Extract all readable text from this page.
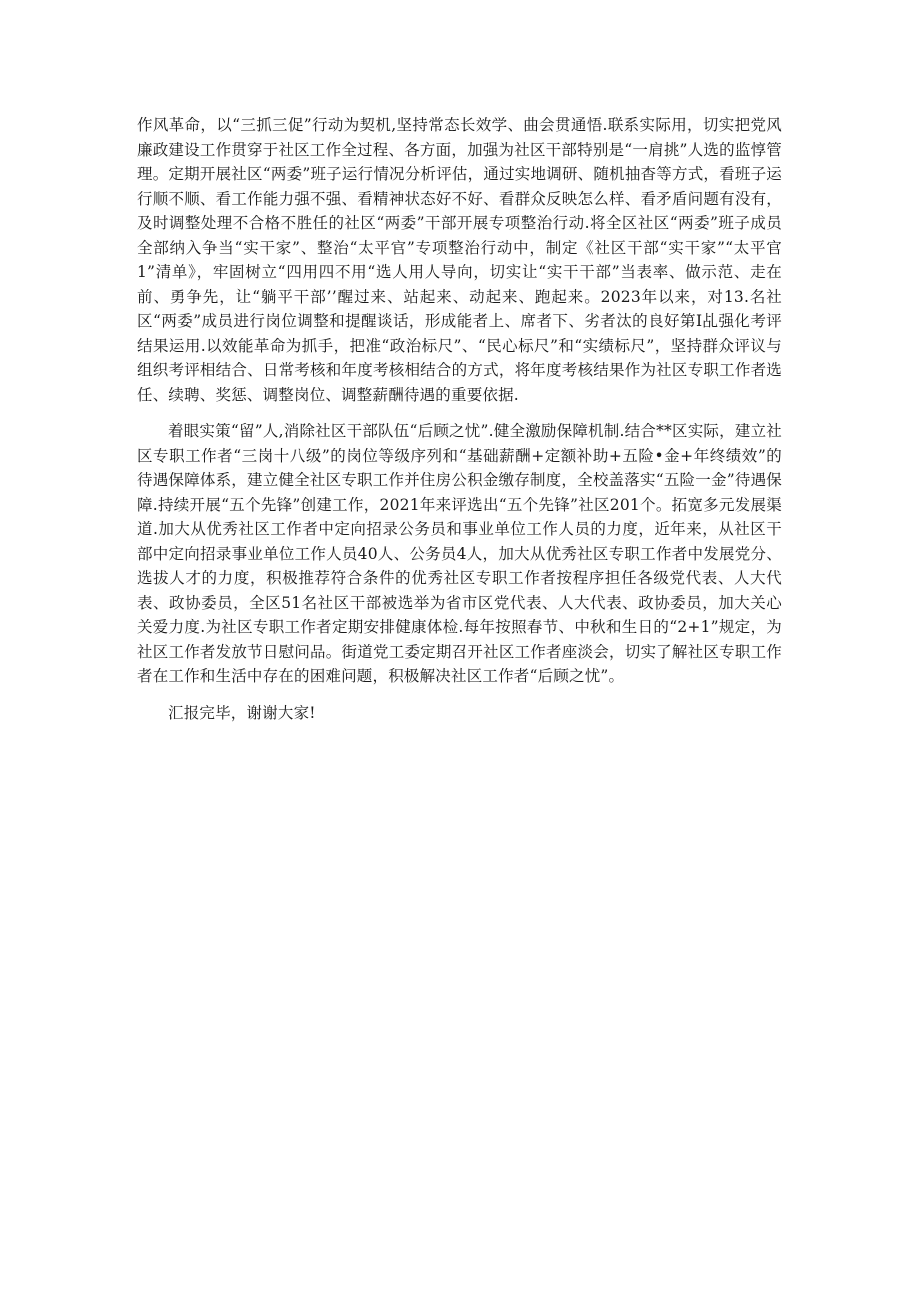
作风革命，以“三抓三促”行动为契机,坚持常态长效学、曲会贯通悟.联系实际用，切实把党风廉政建设工作贯穿于社区工作全过程、各方面，加强为社区干部特别是“一肩挑”人选的监惇管理。定期开展社区“两委”班子运行情况分析评估，通过实地调研、随机抽杳等方式，看班子运行顺不顺、看工作能力强不强、看精神状态好不好、看群众反映怎么样、看矛盾问题有没有，及时调整处理不合格不胜任的社区“两委”干部开展专项整治行动.将全区社区“两委”班子成员全部纳入争当“实干家”、整治“太平官”专项整治行动中，制定《社区干部“实干家”“太平官1”清单》，牢固树立“四用四不用“选人用人导向，切实让“实干干部”当表率、做示范、走在前、勇争先，让“躺平干部’’醒过来、站起来、动起来、跑起来。2023年以来，对13.名社区“两委”成员进行岗位调整和提醒谈话，形成能者上、席者下、劣者汰的良好第I乩强化考评结果运用.以效能革命为抓手，把准“政治标尺”、“民心标尺”和“实绩标尺”，坚持群众评议与组织考评相结合、日常考核和年度考核相结合的方式，将年度考核结果作为社区专职工作者选任、续聘、奖惩、调整岗位、调整薪酬待遇的重要依据.

着眼实策“留”人,消除社区干部队伍“后顾之忧”.健全激励保障机制.结合**区实际，建立社区专职工作者“三岗十八级”的岗位等级序列和“基础薪酬+定额补助+五险•金+年终绩效”的待遇保障体系，建立健全社区专职工作并住房公积金缴存制度，全校盖落实“五险一金”待遇保障.持续开展“五个先锋”创建工作，2021年来评选出“五个先锋”社区201个。拓宽多元发展渠道.加大从优秀社区工作者中定向招录公务员和事业单位工作人员的力度，近年来，从社区干部中定向招录事业单位工作人员40人、公务员4人，加大从优秀社区专职工作者中发展党分、选拔人才的力度，积极推荐符合条件的优秀社区专职工作者按程序担任各级党代表、人大代表、政协委员，全区51名社区干部被选举为省市区党代表、人大代表、政协委员，加大关心关爱力度.为社区专职工作者定期安排健康体检.每年按照春节、中秋和生日的“2+1”规定，为社区工作者发放节日慰问品。街道党工委定期召开社区工作者座淡会，切实了解社区专职工作者在工作和生活中存在的困难问题，积极解决社区工作者“后顾之忧”。

汇报完毕，谢谢大家!
